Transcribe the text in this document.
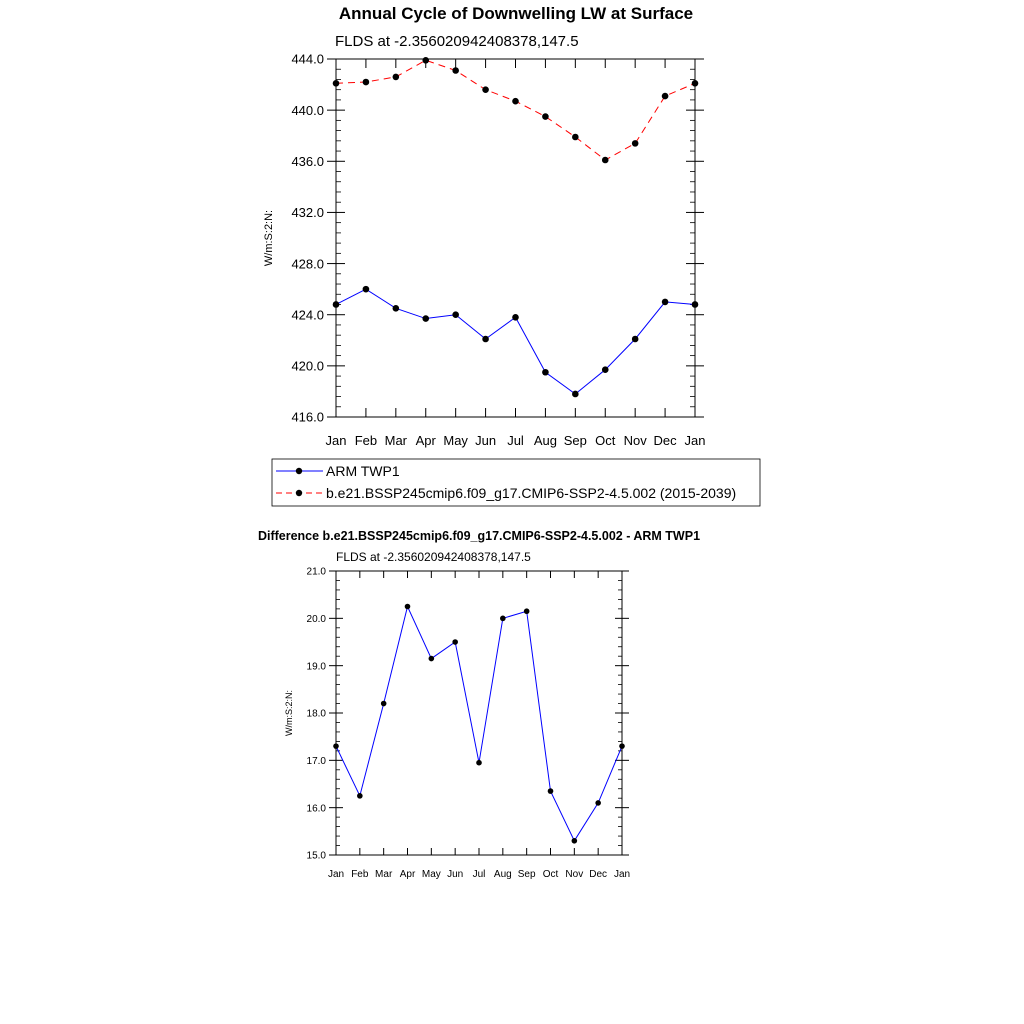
Annual Cycle of Downwelling LW at Surface
FLDS at -2.356020942408378,147.5
W/m:S:2:N:
Jan Feb Mar Apr May Jun Jul Aug Sep Oct Nov Dec Jan
416.0
420.0
424.0
428.0
432.0
436.0
440.0
444.0
ARM TWP1
b.e21.BSSP245cmip6.f09_g17.CMIP6-SSP2-4.5.002 (2015-2039)
Difference b.e21.BSSP245cmip6.f09_g17.CMIP6-SSP2-4.5.002 - ARM TWP1
FLDS at -2.356020942408378,147.5
W/m:S:2:N:
Jan Feb Mar Apr May Jun Jul Aug Sep Oct Nov Dec Jan
15.0
16.0
17.0
18.0
19.0
20.0
21.0
